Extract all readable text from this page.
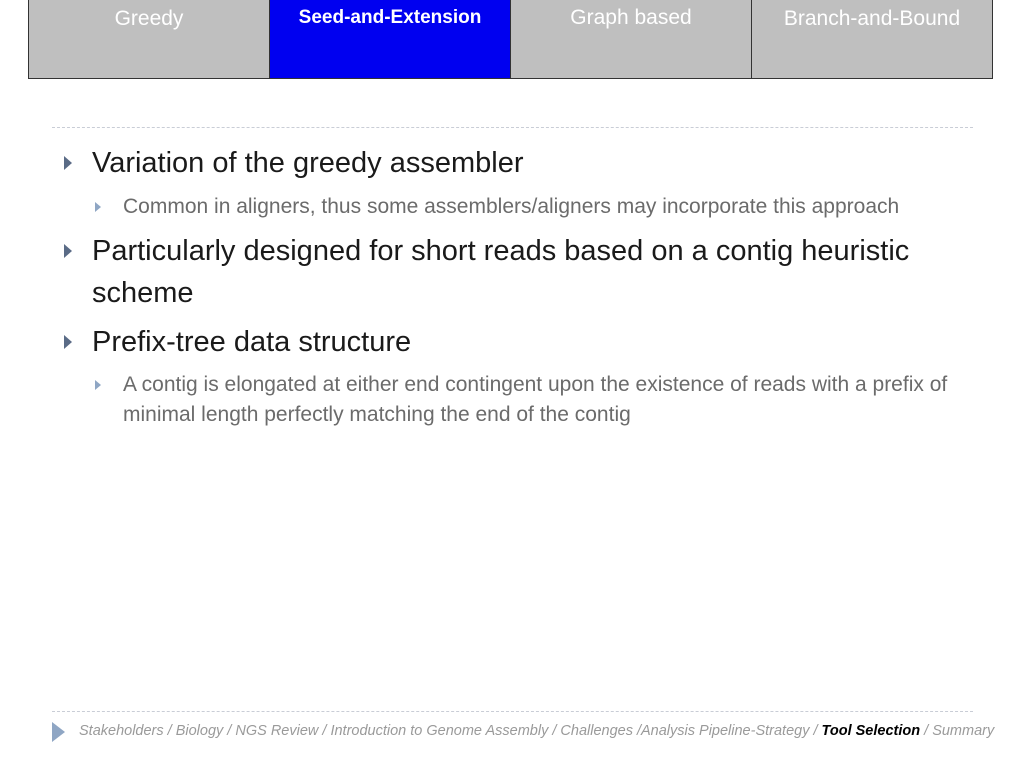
Greedy	Seed-and-Extension	Graph based	Branch-and-Bound
Variation of the greedy assembler
Common in aligners, thus some assemblers/aligners may incorporate this approach
Particularly designed for short reads based on a contig heuristic scheme
Prefix-tree data structure
A contig is elongated at either end contingent upon the existence of reads with a prefix of minimal length perfectly matching the end of the contig
Stakeholders / Biology / NGS Review / Introduction to Genome Assembly / Challenges /Analysis Pipeline-Strategy / Tool Selection / Summary
